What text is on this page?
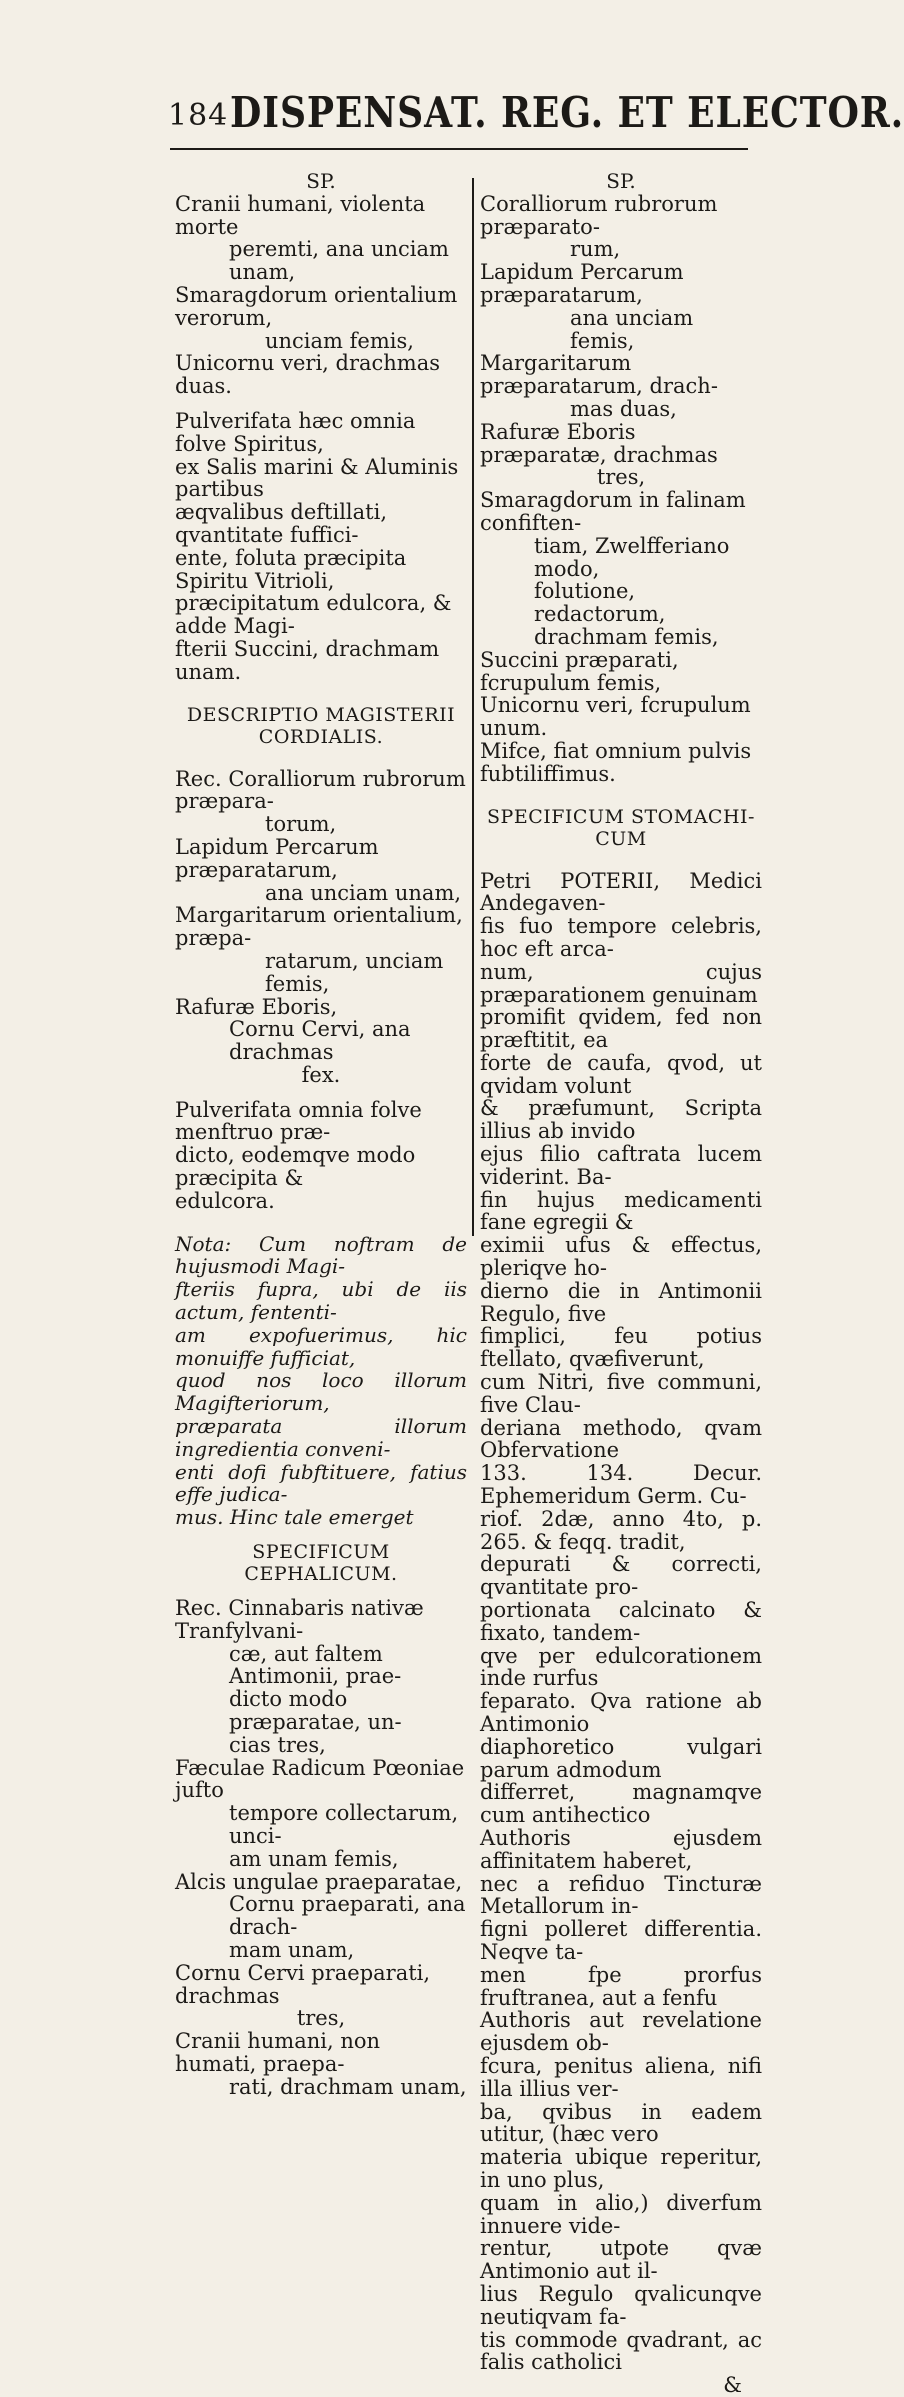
184 DISPENSAT. REG. ET ELECTOR.

SP.

Cranii humani, violenta morte

peremti, ana unciam unam,

Smaragdorum orientalium verorum,

unciam femis,

Unicornu veri, drachmas duas.

Pulverifata hæc omnia folve Spiritus,

ex Salis marini & Aluminis partibus

æqvalibus deftillati, qvantitate fuffici-

ente, foluta præcipita Spiritu Vitrioli,

præcipitatum edulcora, & adde Magi-

fterii Succini, drachmam unam.

DESCRIPTIO MAGISTERII

CORDIALIS.

Rec. Coralliorum rubrorum præpara-

torum,

Lapidum Percarum præparatarum,

ana unciam unam,

Margaritarum orientalium, præpa-

ratarum, unciam femis,

Rafuræ Eboris,

Cornu Cervi, ana drachmas

fex.

Pulverifata omnia folve menftruo præ-

dicto, eodemqve modo præcipita &

edulcora.

Nota: Cum noftram de hujusmodi Magi-

fteriis fupra, ubi de iis actum, fententi-

am expofuerimus, hic monuiffe fufficiat,

quod nos loco illorum Magifteriorum,

præparata illorum ingredientia conveni-

enti dofi fubftituere, fatius effe judica-

mus. Hinc tale emerget

SPECIFICUM CEPHALICUM.

Rec. Cinnabaris nativæ Tranfylvani-

cæ, aut faltem Antimonii, prae-

dicto modo præparatae, un-

cias tres,

Fæculae Radicum Pœoniae jufto

tempore collectarum, unci-

am unam femis,

Alcis ungulae praeparatae,

Cornu praeparati, ana drach-

mam unam,

Cornu Cervi praeparati, drachmas

tres,

Cranii humani, non humati, praepa-

rati, drachmam unam,

SP.

Coralliorum rubrorum præparato-

rum,

Lapidum Percarum præparatarum,

ana unciam femis,

Margaritarum præparatarum, drach-

mas duas,

Rafuræ Eboris præparatæ, drachmas

tres,

Smaragdorum in falinam confiften-

tiam, Zwelfferiano modo,

folutione, redactorum,

drachmam femis,

Succini præparati, fcrupulum femis,

Unicornu veri, fcrupulum unum.

Mifce, fiat omnium pulvis fubtiliffimus.

SPECIFICUM STOMACHI-

CUM

Petri POTERII, Medici Andegaven-

fis fuo tempore celebris, hoc eft arca-

num, cujus præparationem genuinam

promifit qvidem, fed non præftitit, ea

forte de caufa, qvod, ut qvidam volunt

& præfumunt, Scripta illius ab invido

ejus filio caftrata lucem viderint. Ba-

fin hujus medicamenti fane egregii &

eximii ufus & effectus, pleriqve ho-

dierno die in Antimonii Regulo, five

fimplici, feu potius ftellato, qvæfiverunt,

cum Nitri, five communi, five Clau-

deriana methodo, qvam Obfervatione

133. 134. Decur. Ephemeridum Germ. Cu-

riof. 2dæ, anno 4to, p. 265. & feqq. tradit,

depurati & correcti, qvantitate pro-

portionata calcinato & fixato, tandem-

qve per edulcorationem inde rurfus

feparato. Qva ratione ab Antimonio

diaphoretico vulgari parum admodum

differret, magnamqve cum antihectico

Authoris ejusdem affinitatem haberet,

nec a refiduo Tincturæ Metallorum in-

figni polleret differentia. Neqve ta-

men fpe prorfus fruftranea, aut a fenfu

Authoris aut revelatione ejusdem ob-

fcura, penitus aliena, nifi illa illius ver-

ba, qvibus in eadem utitur, (hæc vero

materia ubique reperitur, in uno plus,

quam in alio,) diverfum innuere vide-

rentur, utpote qvæ Antimonio aut il-

lius Regulo qvalicunqve neutiqvam fa-

tis commode qvadrant, ac falis catholici

&
